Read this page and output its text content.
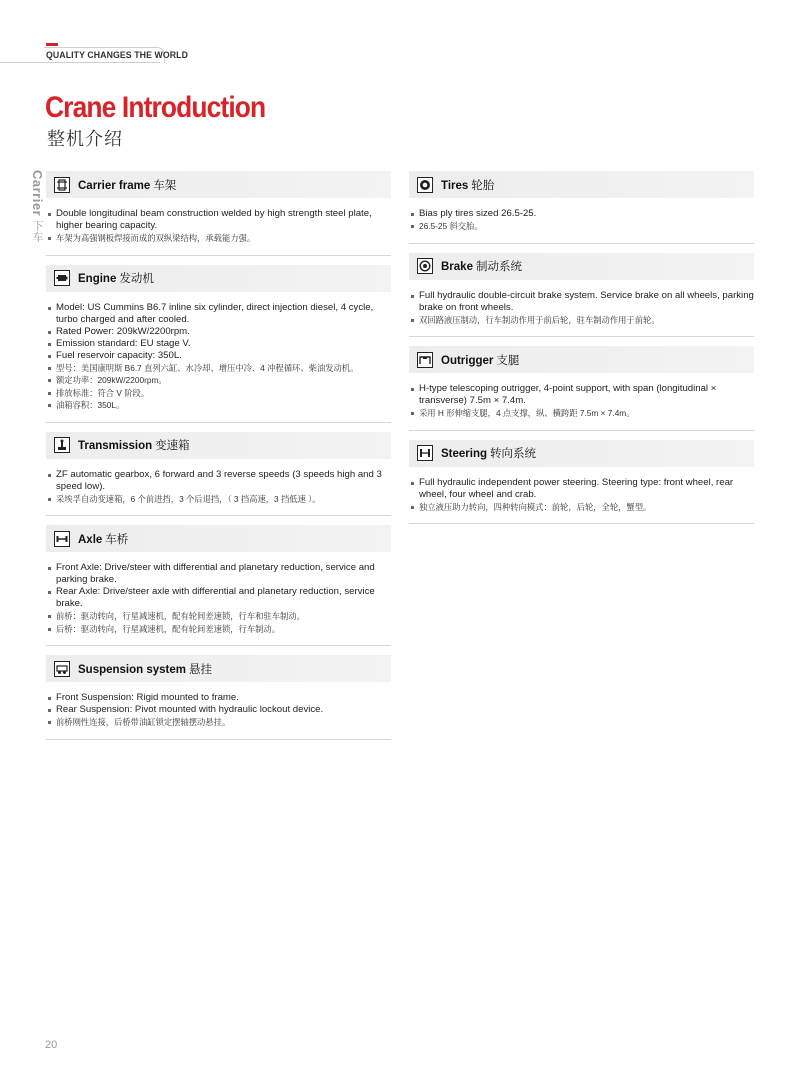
QUALITY CHANGES THE WORLD
Crane Introduction
整机介绍
Carrier下车
Carrier frame 车架
Double longitudinal beam construction welded by high strength steel plate, higher bearing capacity.
车架为高强钢板焊接而成的双纵梁结构，承载能力强。
Engine 发动机
Model: US Cummins B6.7 inline six cylinder, direct injection diesel, 4 cycle, turbo charged and after cooled.
Rated Power: 209kW/2200rpm.
Emission standard: EU stage V.
Fuel reservoir capacity: 350L.
型号：美国康明斯 B6.7 直列六缸、水冷却、增压中冷、4 冲程循环、柴油发动机。
额定功率：209kW/2200rpm。
排放标准：符合 V 阶段。
油箱容积：350L。
Transmission 变速箱
ZF automatic gearbox, 6 forward and 3 reverse speeds (3 speeds high and 3 speed low).
采埃孚自动变速箱，6 个前进挡，3 个后退挡，（ 3 挡高速，3 挡低速 ）。
Axle 车桥
Front Axle: Drive/steer with differential and planetary reduction, service and parking brake.
Rear Axle: Drive/steer axle with differential and planetary reduction, service brake.
前桥：驱动转向，行星减速机，配有轮间差速锁，行车和驻车制动。
后桥：驱动转向，行星减速机，配有轮间差速锁，行车制动。
Suspension system 悬挂
Front Suspension: Rigid mounted to frame.
Rear Suspension: Pivot mounted with hydraulic lockout device.
前桥刚性连接，后桥带油缸锁定摆轴摆动悬挂。
Tires 轮胎
Bias ply tires sized 26.5-25.
26.5-25 斜交胎。
Brake 制动系统
Full hydraulic double-circuit brake system. Service brake on all wheels, parking brake on front wheels.
双回路液压制动，行车制动作用于前后轮，驻车制动作用于前轮。
Outrigger 支腿
H-type telescoping outrigger, 4-point support, with span (longitudinal × transverse) 7.5m × 7.4m.
采用 H 形伸缩支腿，4 点支撑，纵、横跨距 7.5m × 7.4m。
Steering 转向系统
Full hydraulic independent power steering. Steering type: front wheel, rear wheel, four wheel and crab.
独立液压助力转向，四种转向模式：前轮，后轮，全轮，蟹型。
20
